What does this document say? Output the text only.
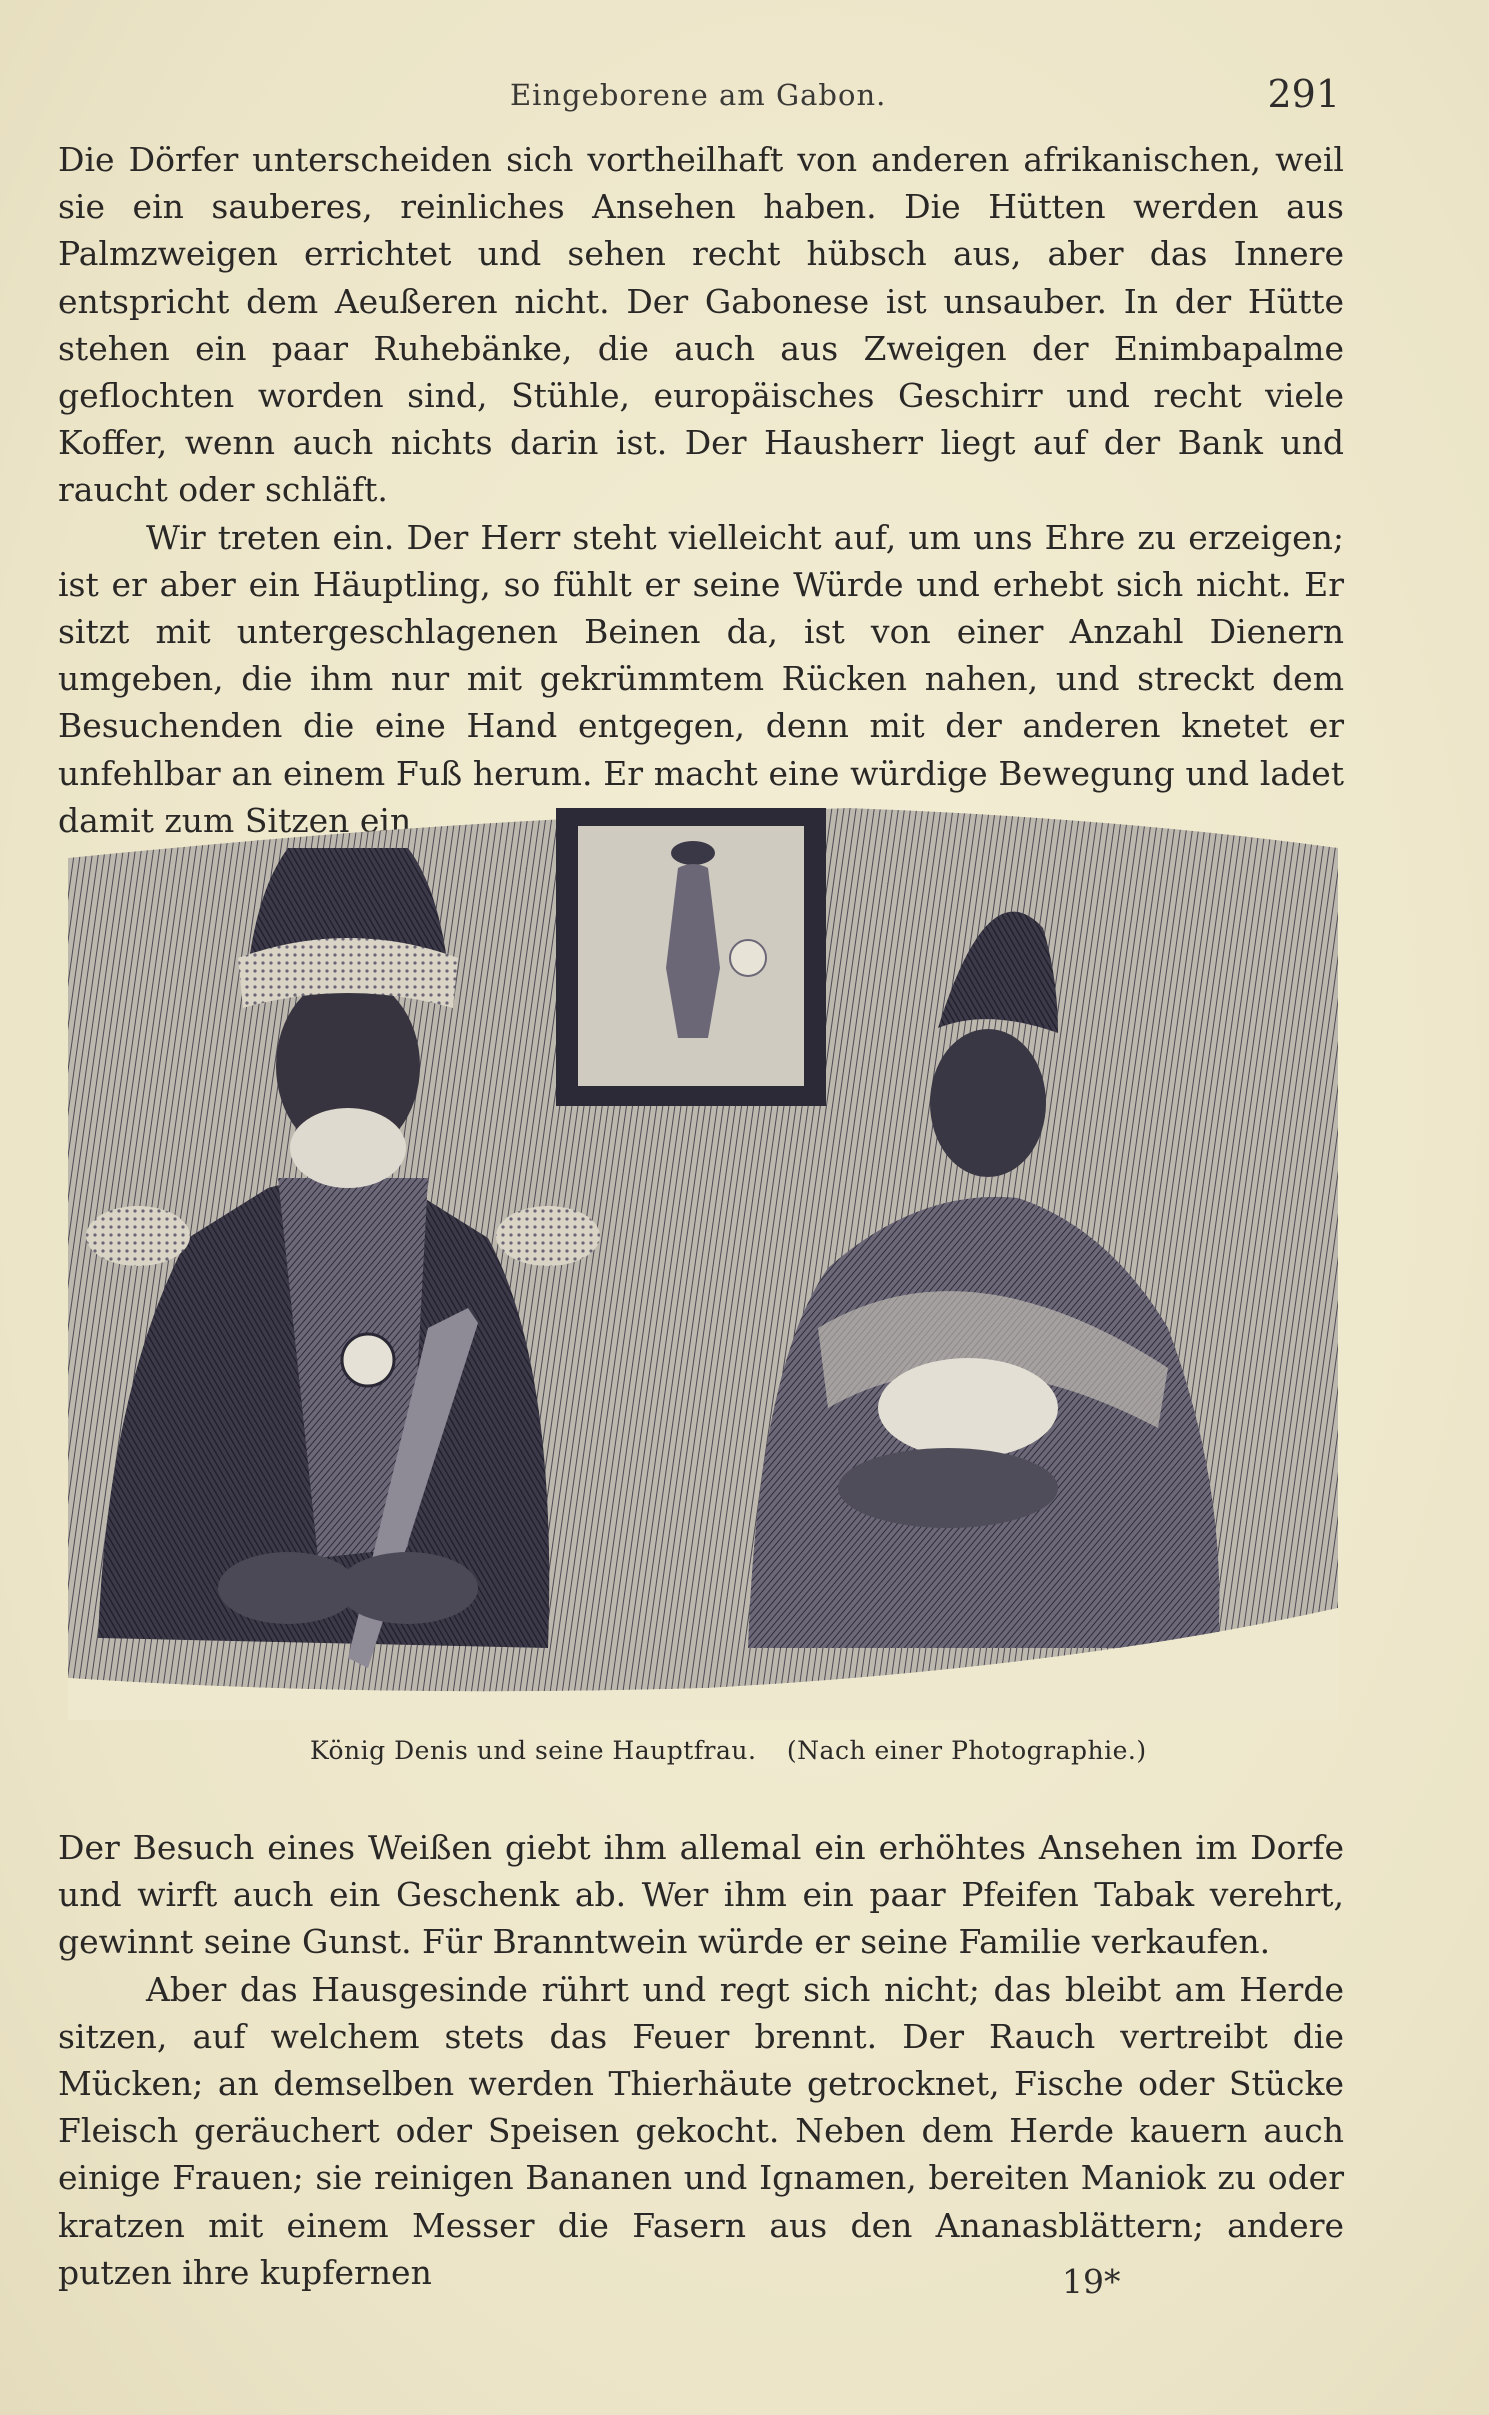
Eingeborene am Gabon.	291

Die Dörfer unterscheiden sich vortheilhaft von anderen afrikanischen, weil sie ein sauberes, reinliches Ansehen haben. Die Hütten werden aus Palmzweigen errichtet und sehen recht hübsch aus, aber das Innere entspricht dem Aeußeren nicht. Der Gabonese ist unsauber. In der Hütte stehen ein paar Ruhebänke, die auch aus Zweigen der Enimbapalme geflochten worden sind, Stühle, europäisches Geschirr und recht viele Koffer, wenn auch nichts darin ist. Der Hausherr liegt auf der Bank und raucht oder schläft.

Wir treten ein. Der Herr steht vielleicht auf, um uns Ehre zu erzeigen; ist er aber ein Häuptling, so fühlt er seine Würde und erhebt sich nicht. Er sitzt mit untergeschlagenen Beinen da, ist von einer Anzahl Dienern umgeben, die ihm nur mit gekrümmtem Rücken nahen, und streckt dem Besuchenden die eine Hand entgegen, denn mit der anderen knetet er unfehlbar an einem Fuß herum. Er macht eine würdige Bewegung und ladet damit zum Sitzen ein.

König Denis und seine Hauptfrau. (Nach einer Photographie.)

Der Besuch eines Weißen giebt ihm allemal ein erhöhtes Ansehen im Dorfe und wirft auch ein Geschenk ab. Wer ihm ein paar Pfeifen Tabak verehrt, gewinnt seine Gunst. Für Branntwein würde er seine Familie verkaufen.

Aber das Hausgesinde rührt und regt sich nicht; das bleibt am Herde sitzen, auf welchem stets das Feuer brennt. Der Rauch vertreibt die Mücken; an demselben werden Thierhäute getrocknet, Fische oder Stücke Fleisch geräuchert oder Speisen gekocht. Neben dem Herde kauern auch einige Frauen; sie reinigen Bananen und Ignamen, bereiten Maniok zu oder kratzen mit einem Messer die Fasern aus den Ananasblättern; andere putzen ihre kupfernen	19*
